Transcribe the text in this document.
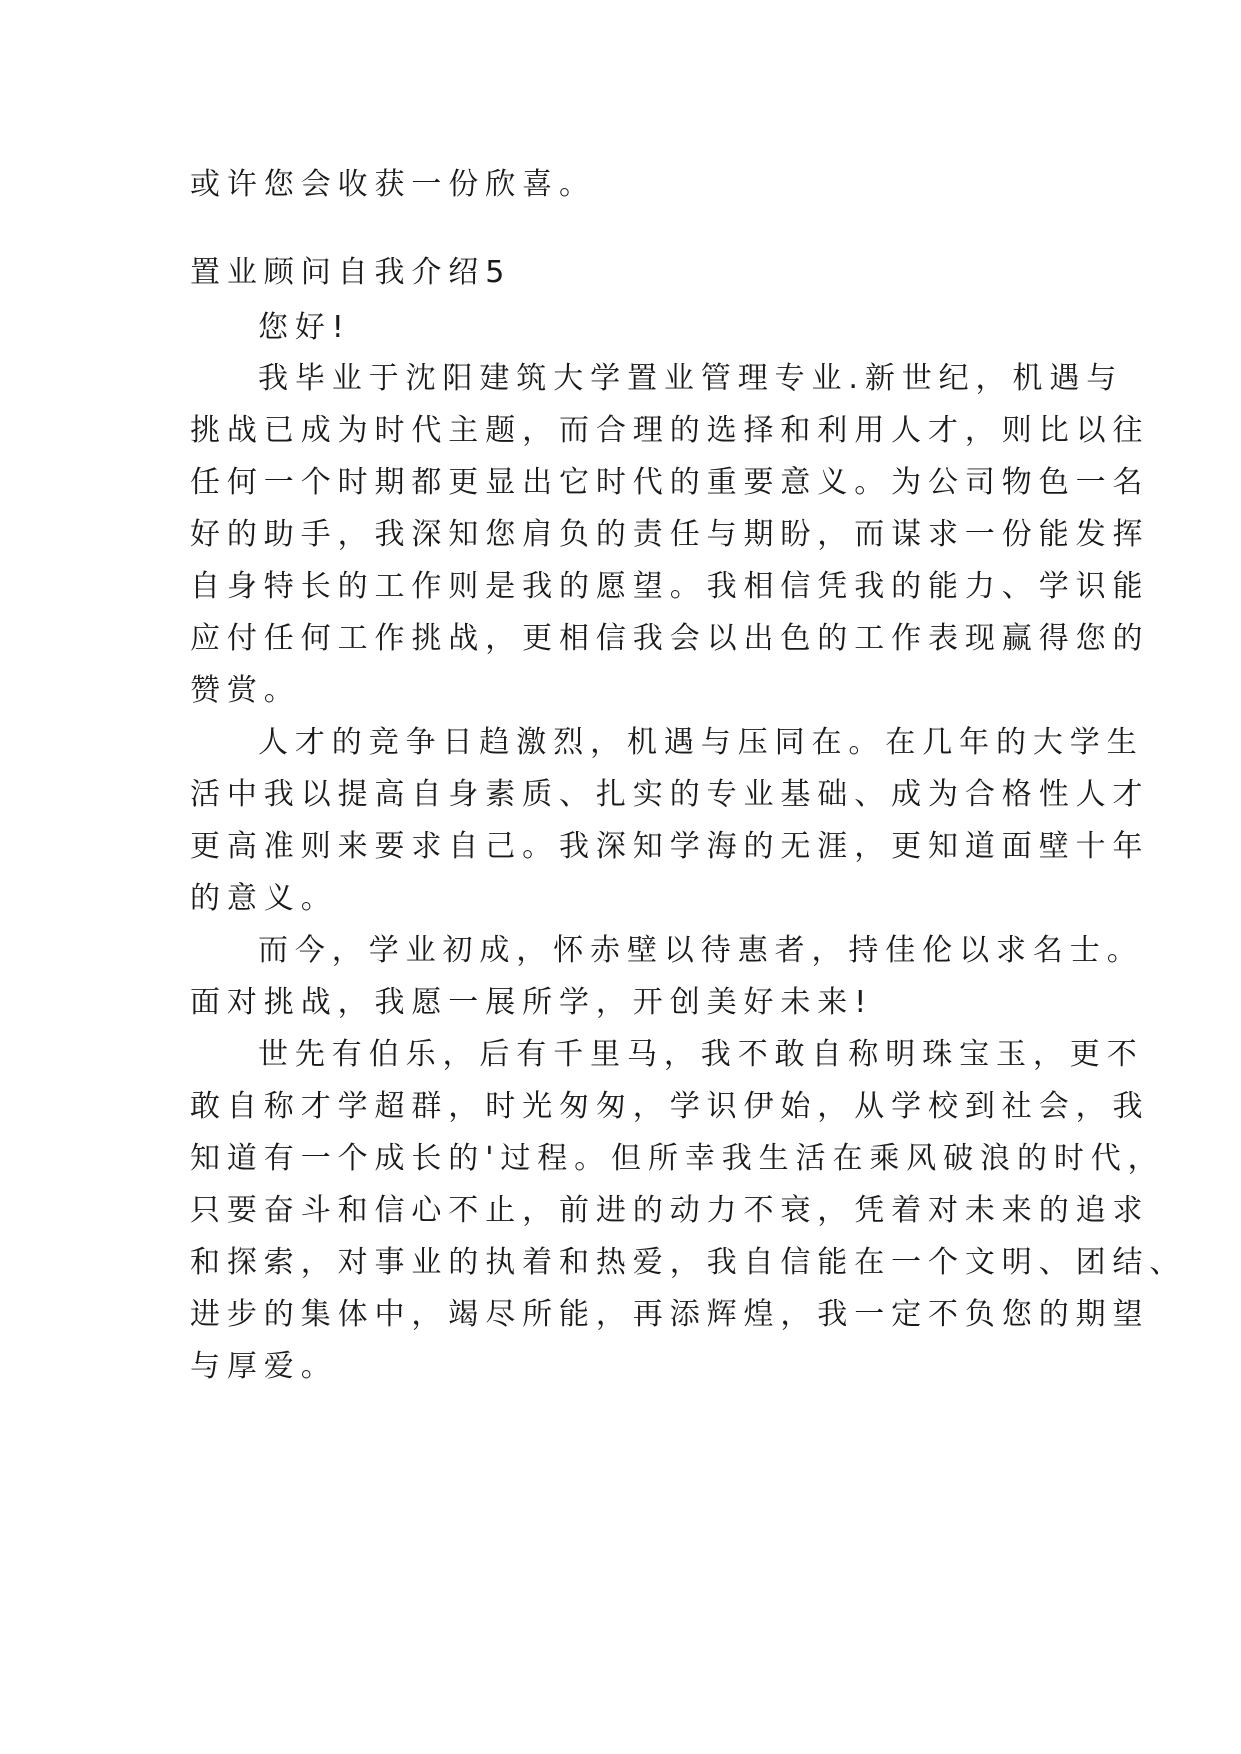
或许您会收获一份欣喜。

置业顾问自我介绍5

您好!

我毕业于沈阳建筑大学置业管理专业.新世纪，机遇与

挑战已成为时代主题，而合理的选择和利用人才，则比以往

任何一个时期都更显出它时代的重要意义。为公司物色一名

好的助手，我深知您肩负的责任与期盼，而谋求一份能发挥

自身特长的工作则是我的愿望。我相信凭我的能力、学识能

应付任何工作挑战，更相信我会以出色的工作表现赢得您的

赞赏。

人才的竞争日趋激烈，机遇与压同在。在几年的大学生

活中我以提高自身素质、扎实的专业基础、成为合格性人才

更高准则来要求自己。我深知学海的无涯，更知道面壁十年

的意义。

而今，学业初成，怀赤壁以待惠者，持佳伦以求名士。

面对挑战，我愿一展所学，开创美好未来!

世先有伯乐，后有千里马，我不敢自称明珠宝玉，更不

敢自称才学超群，时光匆匆，学识伊始，从学校到社会，我

知道有一个成长的'过程。但所幸我生活在乘风破浪的时代，

只要奋斗和信心不止，前进的动力不衰，凭着对未来的追求

和探索，对事业的执着和热爱，我自信能在一个文明、团结、

进步的集体中，竭尽所能，再添辉煌，我一定不负您的期望

与厚爱。
